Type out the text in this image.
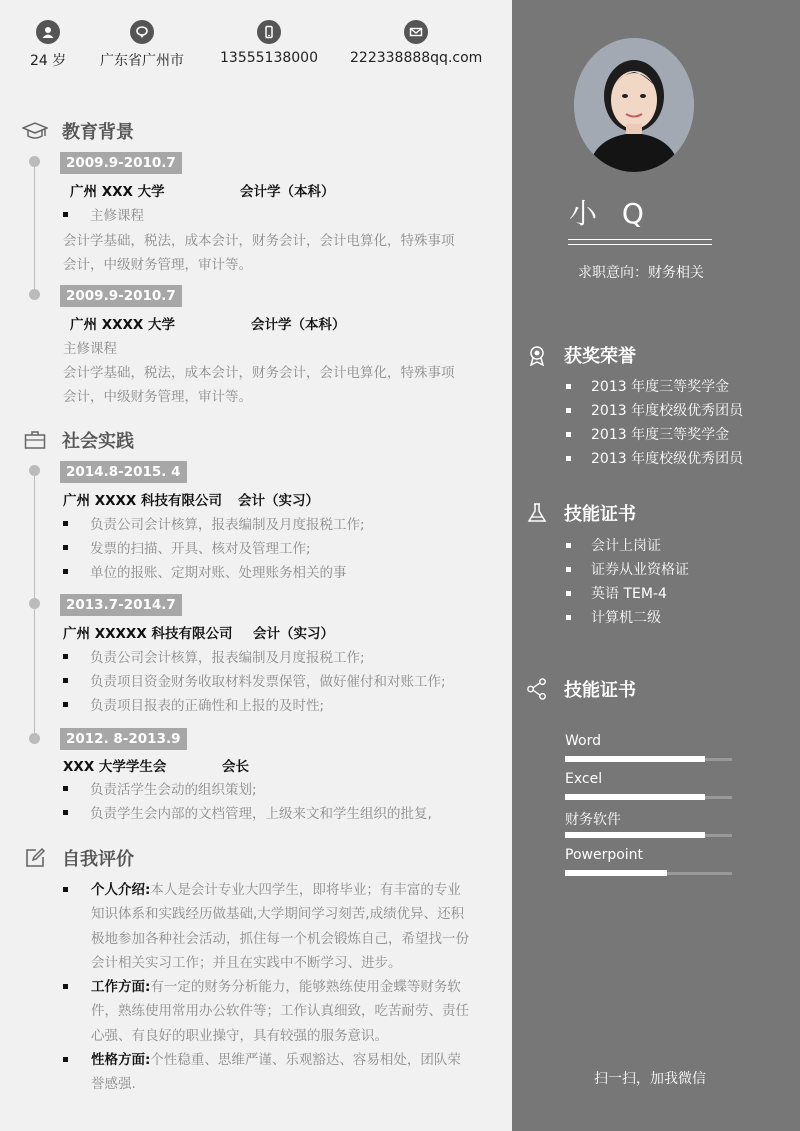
24 岁 广东省广州市	13555138000 222338888qq.com
教育背景
2009.9-2010.7
广州 XXX 大学	会计学（本科）
主修课程
会计学基础，税法，成本会计，财务会计，会计电算化，特殊事项
会计，中级财务管理，审计等。
2009.9-2010.7
广州 XXXX 大学	会计学（本科）
主修课程
会计学基础，税法，成本会计，财务会计，会计电算化，特殊事项
会计，中级财务管理，审计等。
社会实践
2014.8-2015. 4
广州 XXXX 科技有限公司 会计（实习）
负责公司会计核算，报表编制及月度报税工作;
发票的扫描、开具、核对及管理工作;
单位的报账、定期对账、处理账务相关的事
2013.7-2014.7
广州 XXXXX 科技有限公司 会计（实习）
负责公司会计核算，报表编制及月度报税工作;
负责项目资金财务收取材料发票保管，做好催付和对账工作;
负责项目报表的正确性和上报的及时性;
2012. 8-2013.9
XXX 大学学生会	会长
负责活学生会动的组织策划;
负责学生会内部的文档管理，上级来文和学生组织的批复,
自我评价
个人介绍:本人是会计专业大四学生，即将毕业；有丰富的专业知识体系和实践经历做基础,大学期间学习刻苦,成绩优异、还积极地参加各种社会活动，抓住每一个机会锻炼自己，希望找一份会计相关实习工作；并且在实践中不断学习、进步。
工作方面:有一定的财务分析能力，能够熟练使用金蝶等财务软件，熟练使用常用办公软件等；工作认真细致，吃苦耐劳、责任心强、有良好的职业操守，具有较强的服务意识。
性格方面:个性稳重、思维严谨、乐观豁达、容易相处，团队荣誉感强.
小 Q
求职意向：财务相关
获奖荣誉
2013 年度三等奖学金
2013 年度校级优秀团员
2013 年度三等奖学金
2013 年度校级优秀团员
技能证书
会计上岗证
证券从业资格证
英语 TEM-4
计算机二级
技能证书
Word
Excel
财务软件
Powerpoint
扫一扫，加我微信
